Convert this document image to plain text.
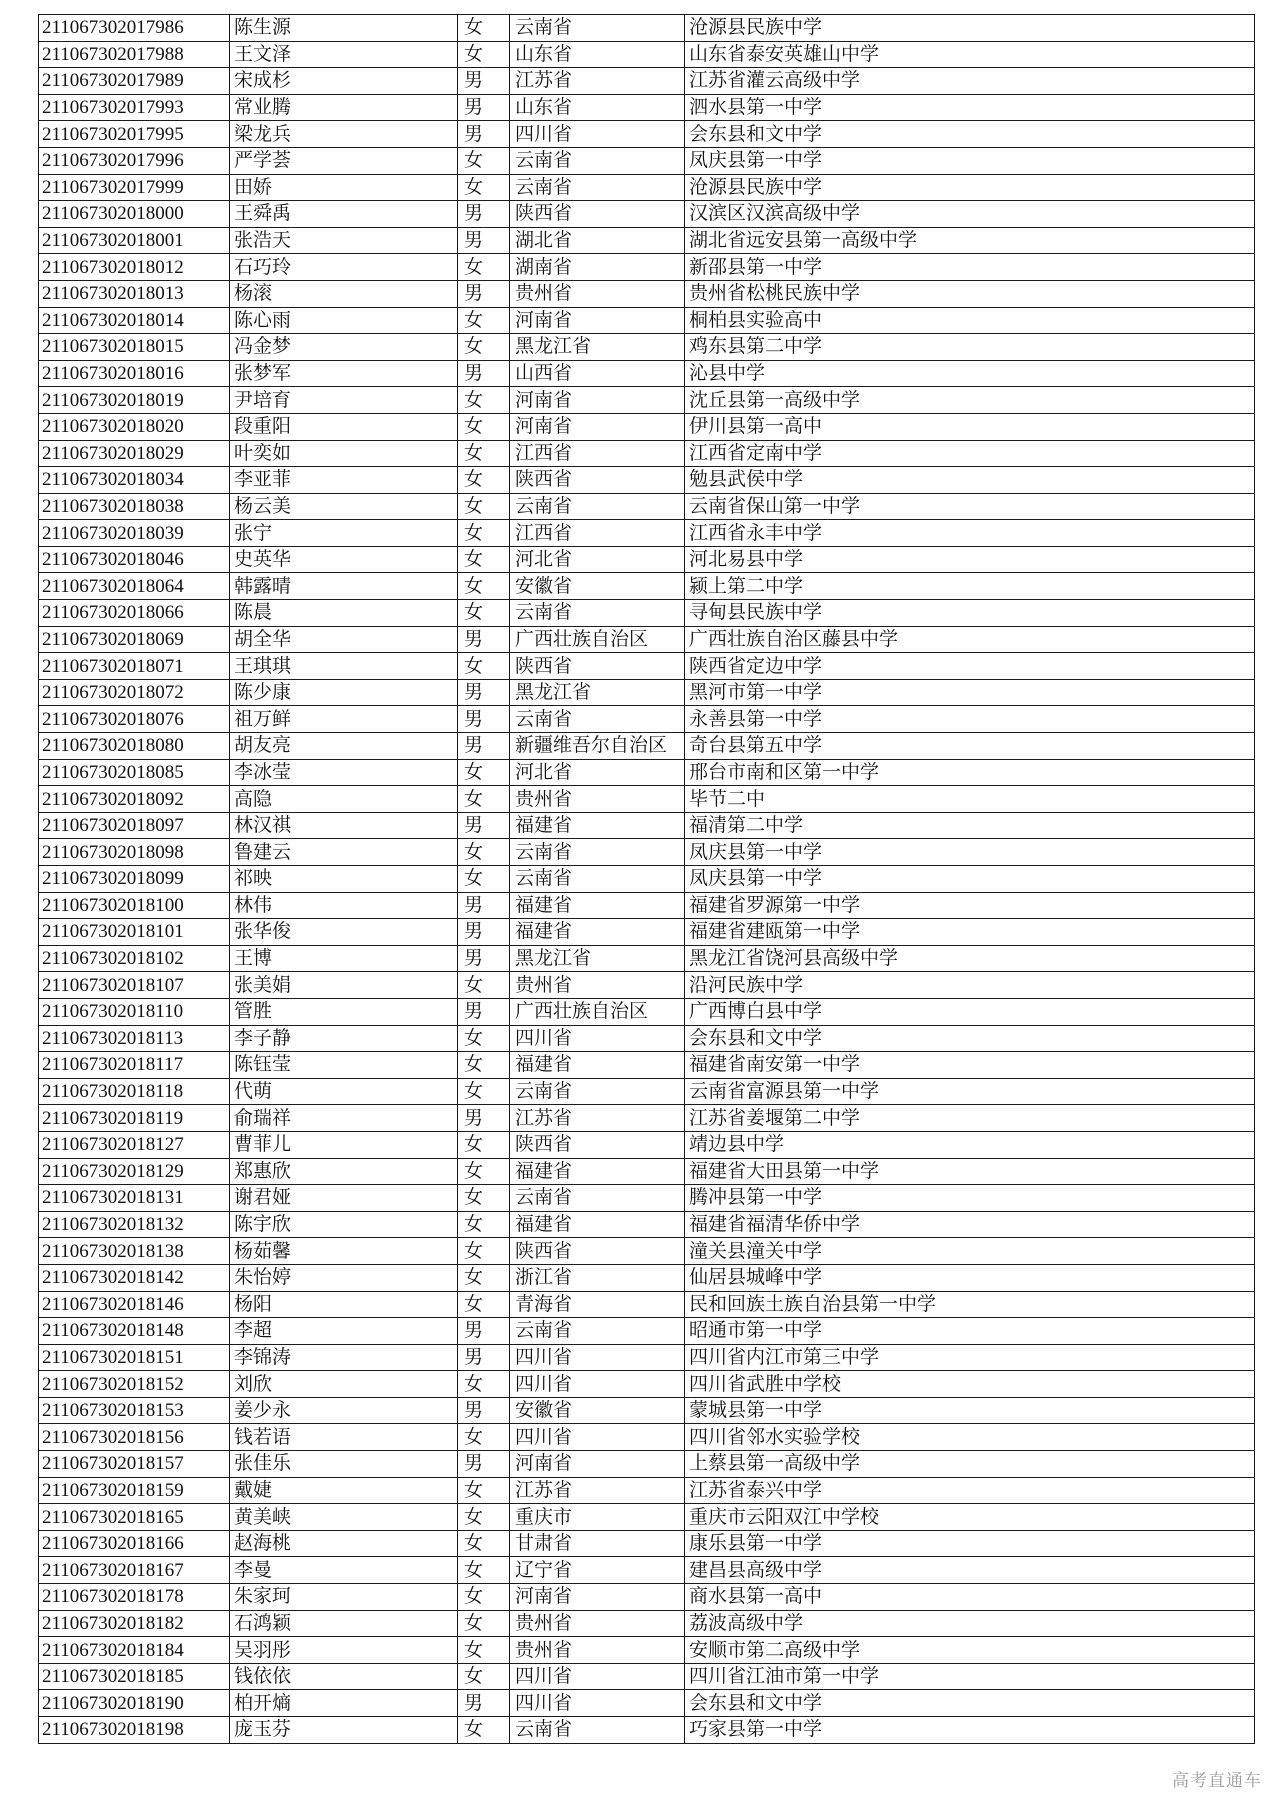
211067302017986	陈生源	女	云南省	沧源县民族中学
211067302017988	王文泽	女	山东省	山东省泰安英雄山中学
211067302017989	宋成杉	男	江苏省	江苏省灌云高级中学
211067302017993	常业腾	男	山东省	泗水县第一中学
211067302017995	梁龙兵	男	四川省	会东县和文中学
211067302017996	严学荟	女	云南省	凤庆县第一中学
211067302017999	田娇	女	云南省	沧源县民族中学
211067302018000	王舜禹	男	陕西省	汉滨区汉滨高级中学
211067302018001	张浩天	男	湖北省	湖北省远安县第一高级中学
211067302018012	石巧玲	女	湖南省	新邵县第一中学
211067302018013	杨滚	男	贵州省	贵州省松桃民族中学
211067302018014	陈心雨	女	河南省	桐柏县实验高中
211067302018015	冯金梦	女	黑龙江省	鸡东县第二中学
211067302018016	张梦军	男	山西省	沁县中学
211067302018019	尹培育	女	河南省	沈丘县第一高级中学
211067302018020	段重阳	女	河南省	伊川县第一高中
211067302018029	叶奕如	女	江西省	江西省定南中学
211067302018034	李亚菲	女	陕西省	勉县武侯中学
211067302018038	杨云美	女	云南省	云南省保山第一中学
211067302018039	张宁	女	江西省	江西省永丰中学
211067302018046	史英华	女	河北省	河北易县中学
211067302018064	韩露晴	女	安徽省	颍上第二中学
211067302018066	陈晨	女	云南省	寻甸县民族中学
211067302018069	胡全华	男	广西壮族自治区	广西壮族自治区藤县中学
211067302018071	王琪琪	女	陕西省	陕西省定边中学
211067302018072	陈少康	男	黑龙江省	黑河市第一中学
211067302018076	祖万鲜	男	云南省	永善县第一中学
211067302018080	胡友亮	男	新疆维吾尔自治区	奇台县第五中学
211067302018085	李冰莹	女	河北省	邢台市南和区第一中学
211067302018092	高隐	女	贵州省	毕节二中
211067302018097	林汉祺	男	福建省	福清第二中学
211067302018098	鲁建云	女	云南省	凤庆县第一中学
211067302018099	祁映	女	云南省	凤庆县第一中学
211067302018100	林伟	男	福建省	福建省罗源第一中学
211067302018101	张华俊	男	福建省	福建省建瓯第一中学
211067302018102	王博	男	黑龙江省	黑龙江省饶河县高级中学
211067302018107	张美娟	女	贵州省	沿河民族中学
211067302018110	管胜	男	广西壮族自治区	广西博白县中学
211067302018113	李子静	女	四川省	会东县和文中学
211067302018117	陈钰莹	女	福建省	福建省南安第一中学
211067302018118	代萌	女	云南省	云南省富源县第一中学
211067302018119	俞瑞祥	男	江苏省	江苏省姜堰第二中学
211067302018127	曹菲儿	女	陕西省	靖边县中学
211067302018129	郑惠欣	女	福建省	福建省大田县第一中学
211067302018131	谢君娅	女	云南省	腾冲县第一中学
211067302018132	陈宇欣	女	福建省	福建省福清华侨中学
211067302018138	杨茹馨	女	陕西省	潼关县潼关中学
211067302018142	朱怡婷	女	浙江省	仙居县城峰中学
211067302018146	杨阳	女	青海省	民和回族土族自治县第一中学
211067302018148	李超	男	云南省	昭通市第一中学
211067302018151	李锦涛	男	四川省	四川省内江市第三中学
211067302018152	刘欣	女	四川省	四川省武胜中学校
211067302018153	姜少永	男	安徽省	蒙城县第一中学
211067302018156	钱若语	女	四川省	四川省邻水实验学校
211067302018157	张佳乐	男	河南省	上蔡县第一高级中学
211067302018159	戴婕	女	江苏省	江苏省泰兴中学
211067302018165	黄美峡	女	重庆市	重庆市云阳双江中学校
211067302018166	赵海桃	女	甘肃省	康乐县第一中学
211067302018167	李曼	女	辽宁省	建昌县高级中学
211067302018178	朱家珂	女	河南省	商水县第一高中
211067302018182	石鸿颖	女	贵州省	荔波高级中学
211067302018184	吴羽彤	女	贵州省	安顺市第二高级中学
211067302018185	钱依依	女	四川省	四川省江油市第一中学
211067302018190	柏开熵	男	四川省	会东县和文中学
211067302018198	庞玉芬	女	云南省	巧家县第一中学
高考直通车
